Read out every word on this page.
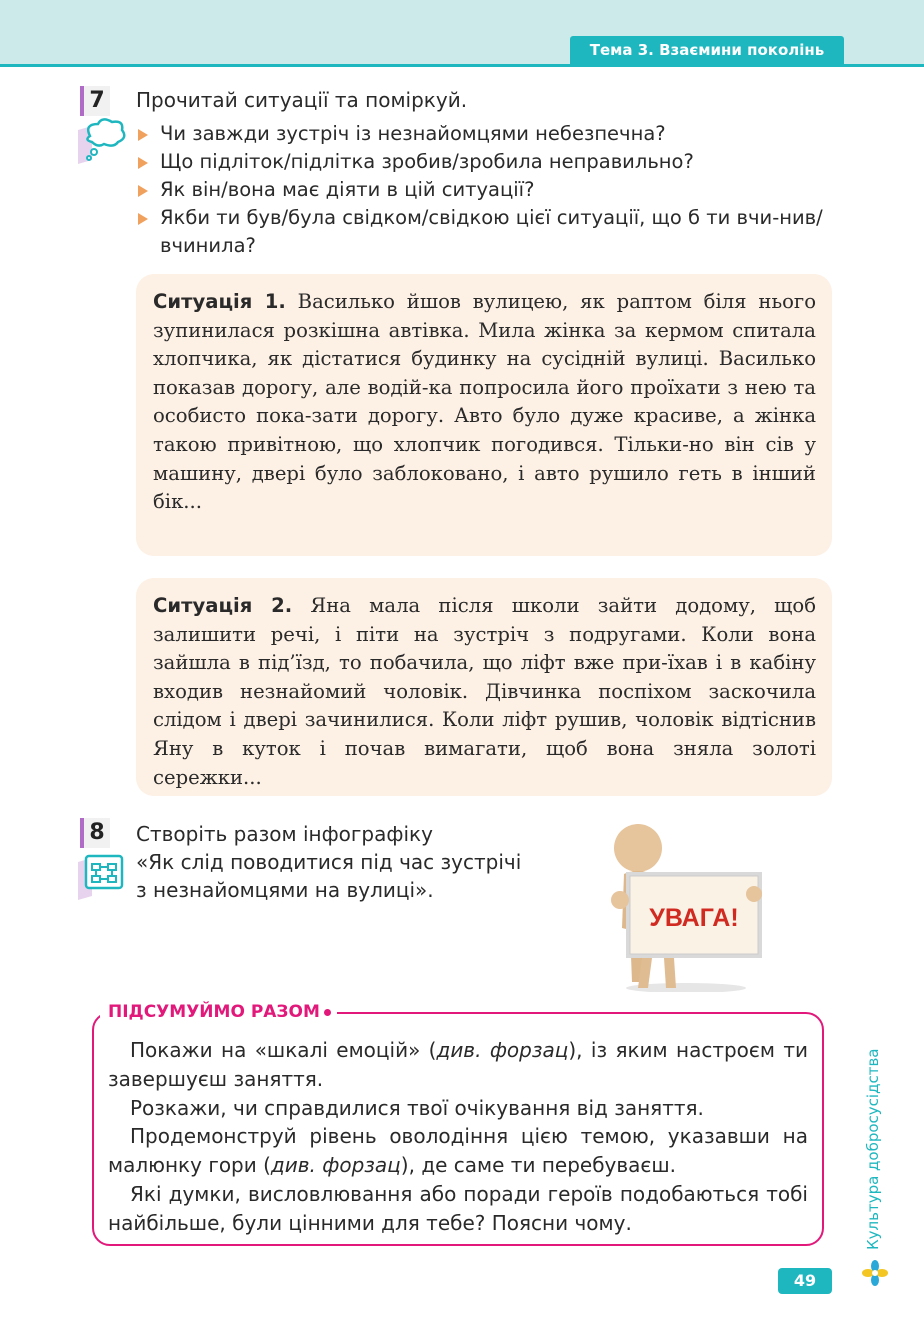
Тема 3. Взаємини поколінь
7 Прочитай ситуації та поміркуй.
Чи завжди зустріч із незнайомцями небезпечна?
Що підліток/підлітка зробив/зробила неправильно?
Як він/вона має діяти в цій ситуації?
Якби ти був/була свідком/свідкою цієї ситуації, що б ти вчи-нив/вчинила?
Ситуація 1. Василько йшов вулицею, як раптом біля нього зупинилася розкішна автівка. Мила жінка за кермом спитала хлопчика, як дістатися будинку на сусідній вулиці. Василько показав дорогу, але водій-ка попросила його проїхати з нею та особисто пока-зати дорогу. Авто було дуже красиве, а жінка такою привітною, що хлопчик погодився. Тільки-но він сів у машину, двері було заблоковано, і авто рушило геть в інший бік...
Ситуація 2. Яна мала після школи зайти додому, щоб залишити речі, і піти на зустріч з подругами. Коли вона зайшла в під’їзд, то побачила, що ліфт вже при-їхав і в кабіну входив незнайомий чоловік. Дівчинка поспіхом заскочила слідом і двері зачинилися. Коли ліфт рушив, чоловік відтіснив Яну в куток і почав вимагати, щоб вона зняла золоті сережки...
8 Створіть разом інфографіку
«Як слід поводитися під час зустрічі
з незнайомцями на вулиці».
УВАГА!
ПІДСУМУЙМО РАЗОМ

Покажи на «шкалі емоцій» (див. форзац), із яким настроєм ти завершуєш заняття.

Розкажи, чи справдилися твої очікування від заняття.

Продемонструй рівень оволодіння цією темою, указавши на малюнку гори (див. форзац), де саме ти перебуваєш.

Які думки, висловлювання або поради героїв подобаються тобі найбільше, були цінними для тебе? Поясни чому.	Культура добросусідства
49
